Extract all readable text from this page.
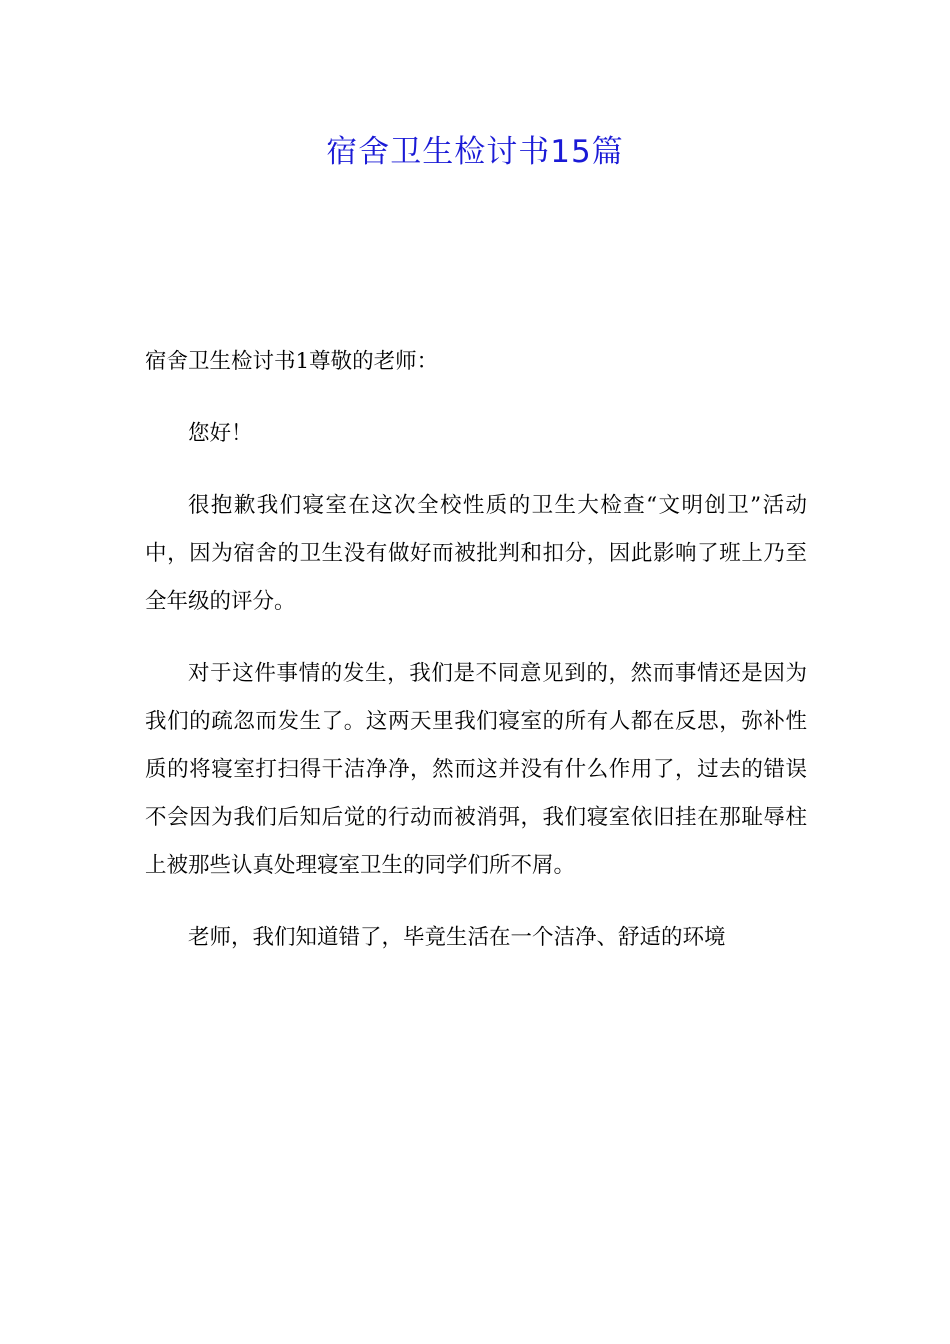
宿舍卫生检讨书15篇

宿舍卫生检讨书1尊敬的老师：

您好！

很抱歉我们寝室在这次全校性质的卫生大检查“文明创卫”活动中，因为宿舍的卫生没有做好而被批判和扣分，因此影响了班上乃至全年级的评分。

对于这件事情的发生，我们是不同意见到的，然而事情还是因为我们的疏忽而发生了。这两天里我们寝室的所有人都在反思，弥补性质的将寝室打扫得干洁净净，然而这并没有什么作用了，过去的错误不会因为我们后知后觉的行动而被消弭，我们寝室依旧挂在那耻辱柱上被那些认真处理寝室卫生的同学们所不屑。

老师，我们知道错了，毕竟生活在一个洁净、舒适的环境
